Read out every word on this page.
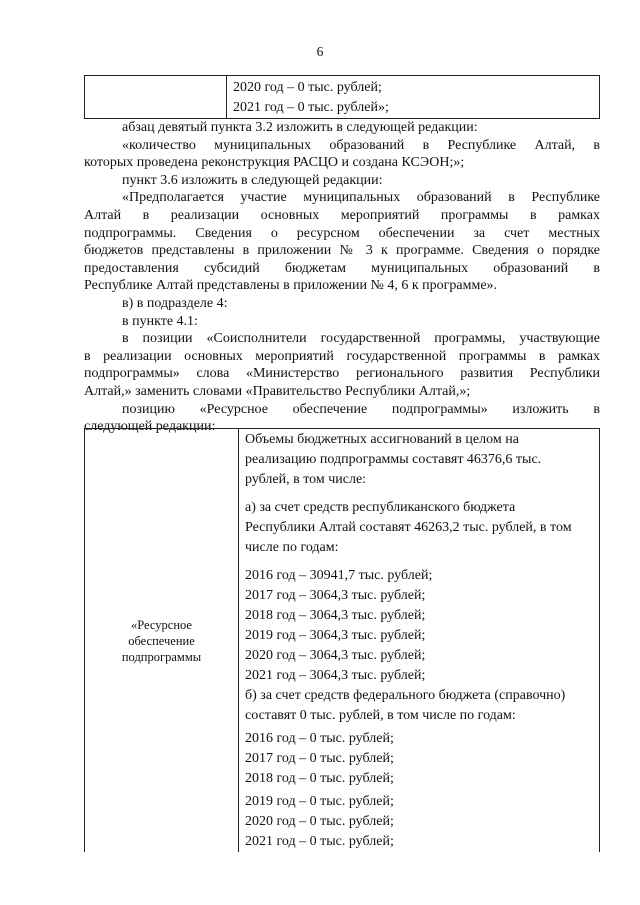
6

2020 год – 0 тыс. рублей;
2021 год – 0 тыс. рублей»;
абзац девятый пункта 3.2 изложить в следующей редакции:
«количество муниципальных образований в Республике Алтай, в
которых проведена реконструкция РАСЦО и создана КСЭОН;»;
пункт 3.6 изложить в следующей редакции:
«Предполагается участие муниципальных образований в Республике
Алтай в реализации основных мероприятий программы в рамках
подпрограммы. Сведения о ресурсном обеспечении за счет местных
бюджетов представлены в приложении № 3 к программе. Сведения о порядке
предоставления субсидий бюджетам муниципальных образований в
Республике Алтай представлены в приложении № 4, 6 к программе».
в) в подразделе 4:
в пункте 4.1:
в позиции «Соисполнители государственной программы, участвующие
в реализации основных мероприятий государственной программы в рамках
подпрограммы» слова «Министерство регионального развития Республики
Алтай,» заменить словами «Правительство Республики Алтай,»;
позицию «Ресурсное обеспечение подпрограммы» изложить в
следующей редакции:
«Ресурсное
обеспечение
подпрограммы

Объемы бюджетных ассигнований в целом на
реализацию подпрограммы составят 46376,6 тыс.
рублей, в том числе:
а) за счет средств республиканского бюджета
Республики Алтай составят 46263,2 тыс. рублей, в том
числе по годам:
2016 год – 30941,7 тыс. рублей;
2017 год – 3064,3 тыс. рублей;
2018 год – 3064,3 тыс. рублей;
2019 год – 3064,3 тыс. рублей;
2020 год – 3064,3 тыс. рублей;
2021 год – 3064,3 тыс. рублей;
б) за счет средств федерального бюджета (справочно)
составят 0 тыс. рублей, в том числе по годам:
2016 год – 0 тыс. рублей;
2017 год – 0 тыс. рублей;
2018 год – 0 тыс. рублей;
2019 год – 0 тыс. рублей;
2020 год – 0 тыс. рублей;
2021 год – 0 тыс. рублей;
